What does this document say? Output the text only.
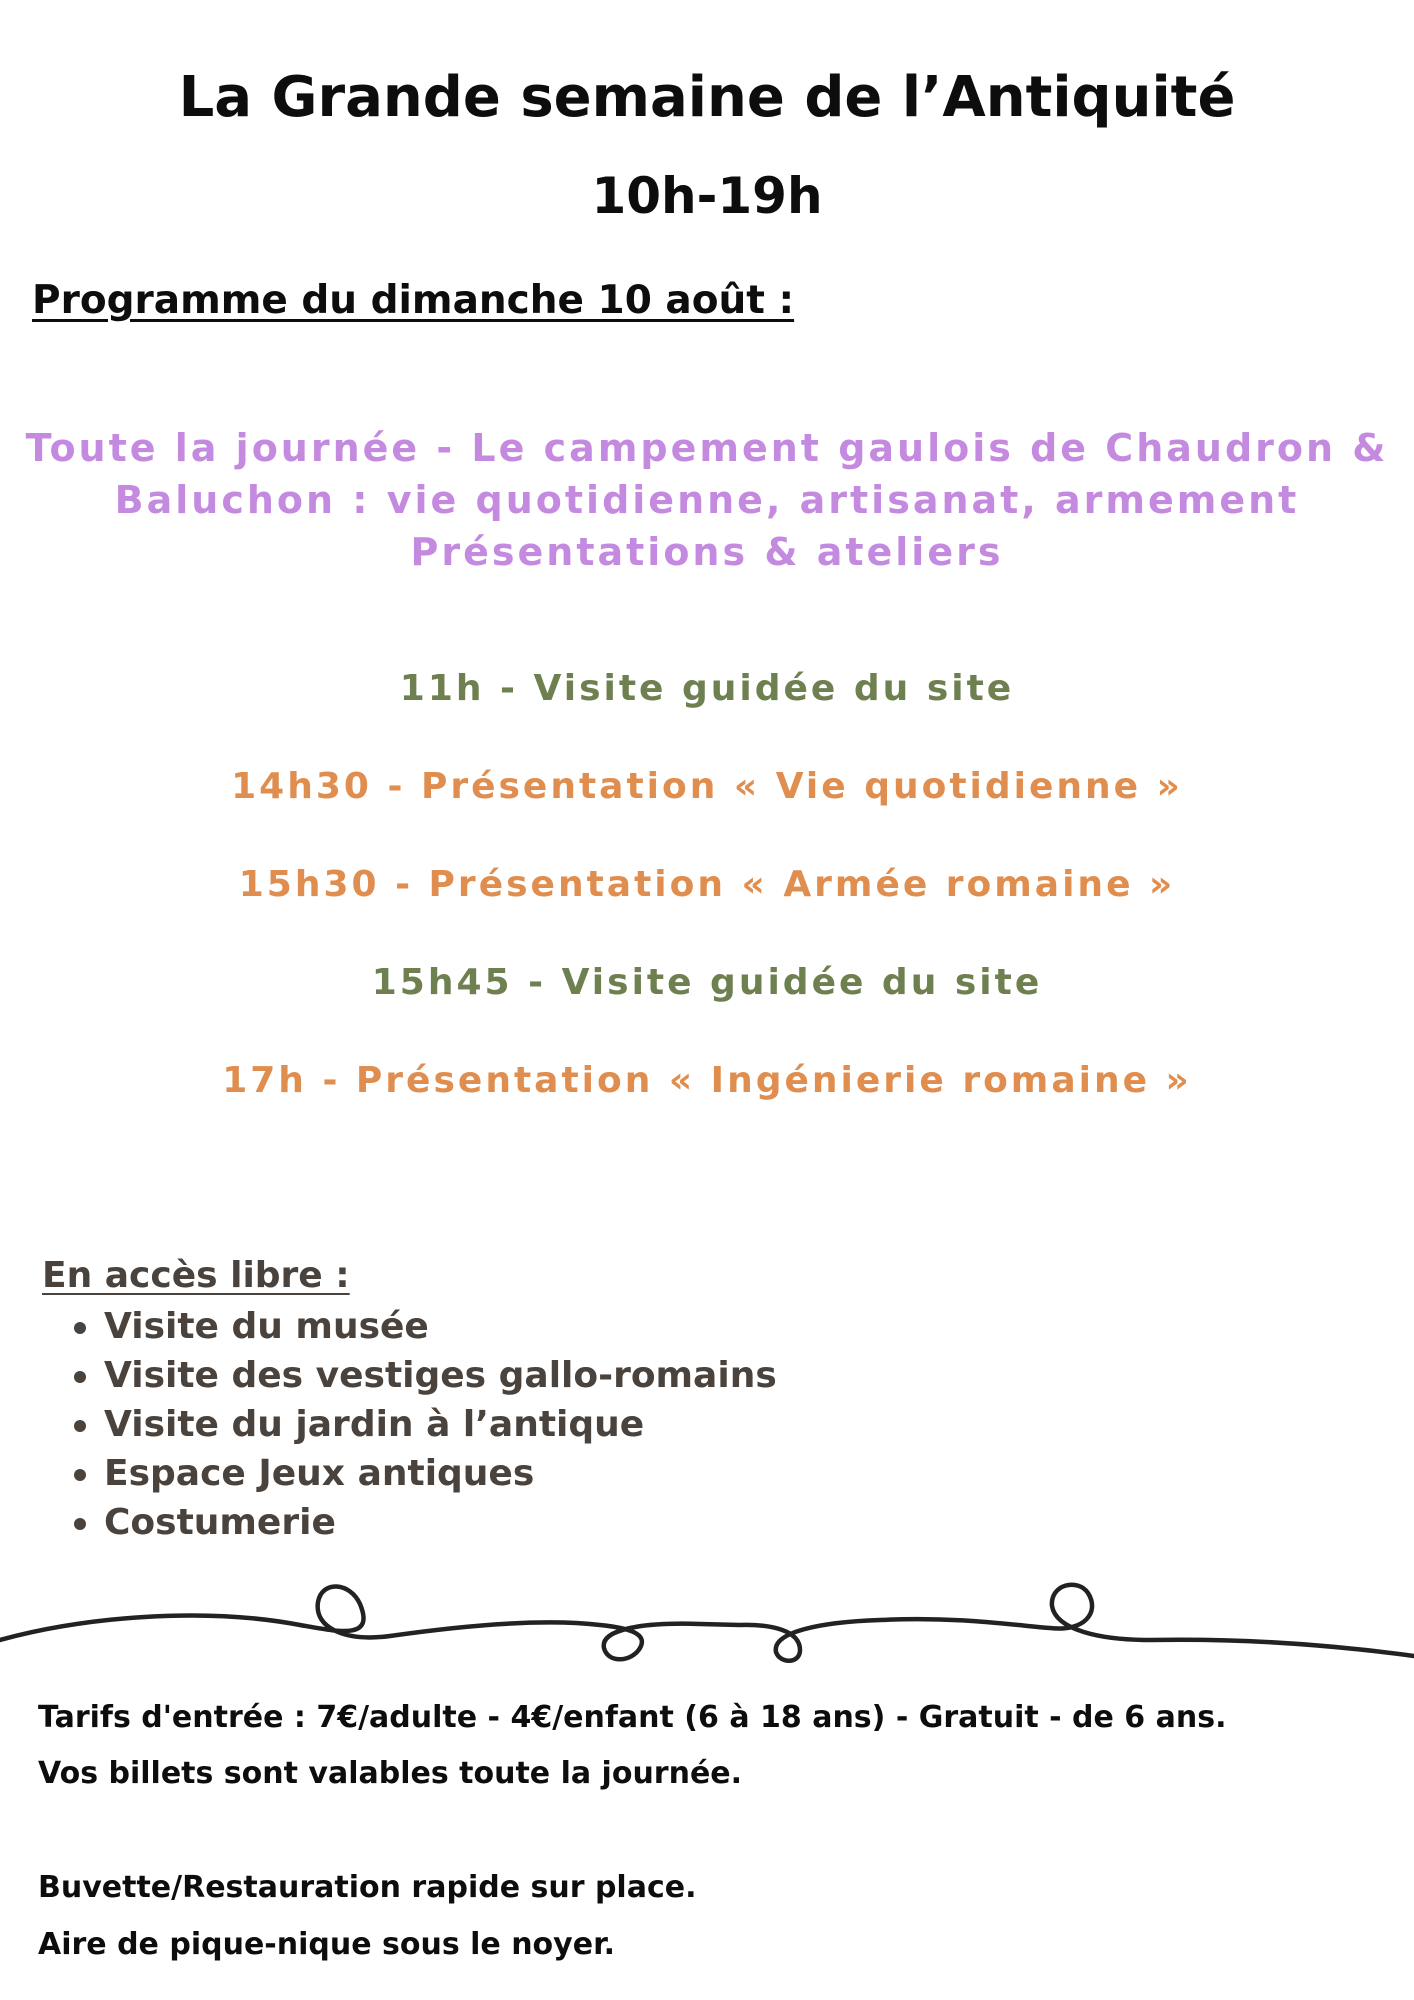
La Grande semaine de l’Antiquité
10h-19h
Programme du dimanche 10 août :
Toute la journée - Le campement gaulois de Chaudron &
Baluchon : vie quotidienne, artisanat, armement
Présentations & ateliers
11h - Visite guidée du site
14h30 - Présentation « Vie quotidienne »
15h30 - Présentation « Armée romaine »
15h45 - Visite guidée du site
17h - Présentation « Ingénierie romaine »
En accès libre :
Visite du musée
Visite des vestiges gallo-romains
Visite du jardin à l’antique
Espace Jeux antiques
Costumerie
Tarifs d'entrée : 7€/adulte - 4€/enfant (6 à 18 ans) - Gratuit - de 6 ans.
Vos billets sont valables toute la journée.
Buvette/Restauration rapide sur place.
Aire de pique-nique sous le noyer.
